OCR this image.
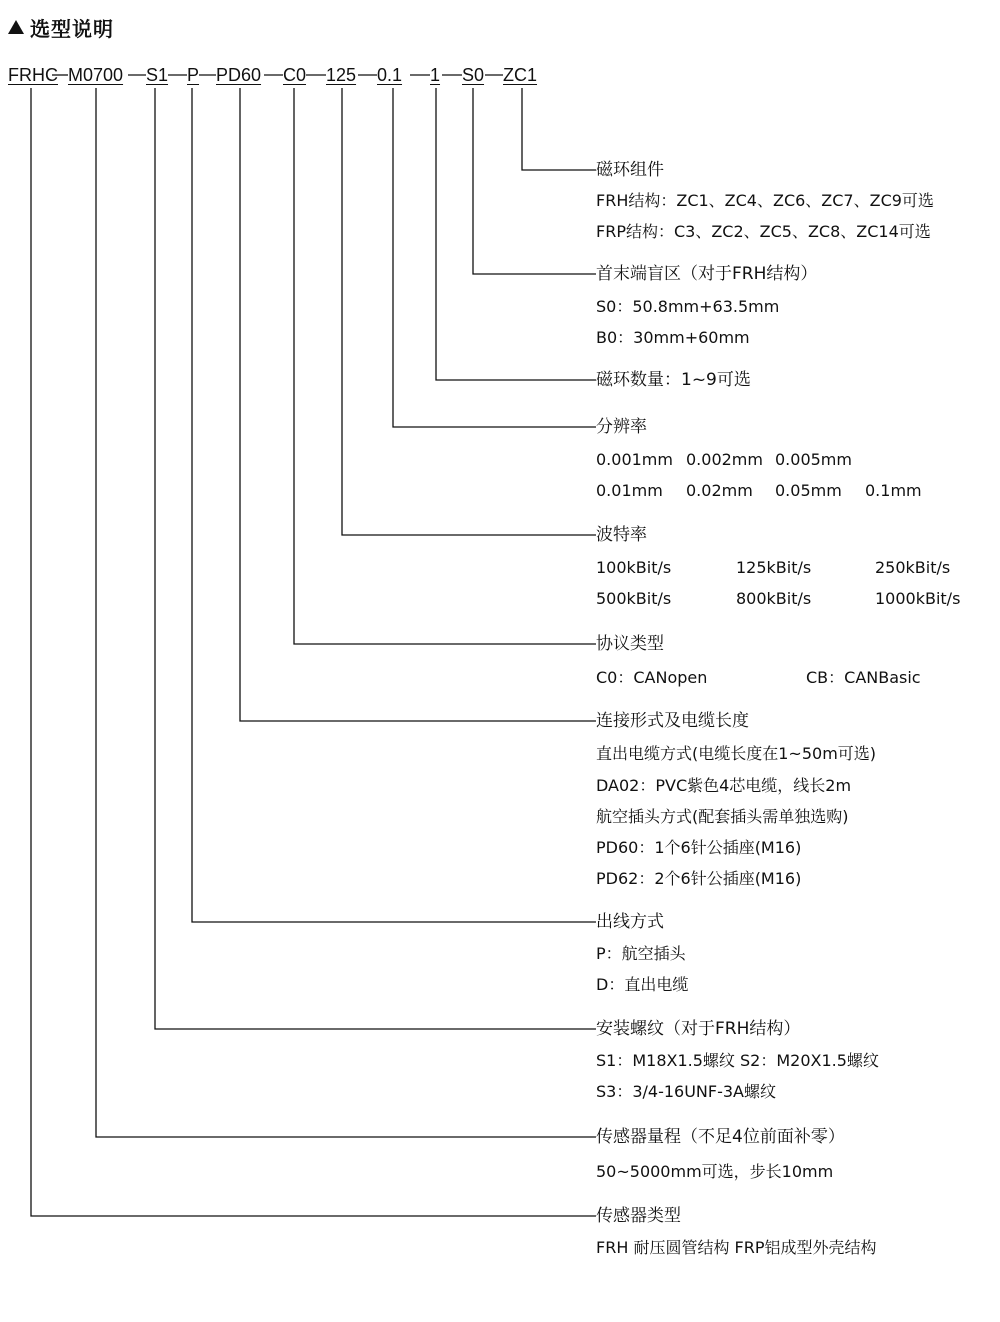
选型说明
FRHC M0700 S1 P PD60 C0 125 0.1 1 S0 ZC1
磁环组件
FRH结构：ZC1、ZC4、ZC6、ZC7、ZC9可选
FRP结构：C3、ZC2、ZC5、ZC8、ZC14可选
首末端盲区（对于FRH结构）
S0：50.8mm+63.5mm
B0：30mm+60mm
磁环数量：1~9可选
分辨率
0.001mm 0.002mm 0.005mm
0.01mm 0.02mm 0.05mm 0.1mm
波特率
100kBit/s	125kBit/s	250kBit/s
500kBit/s	800kBit/s	1000kBit/s
协议类型
C0：CANopen	CB：CANBasic
连接形式及电缆长度
直出电缆方式(电缆长度在1~50m可选)
DA02：PVC紫色4芯电缆，线长2m
航空插头方式(配套插头需单独选购)
PD60：1个6针公插座(M16)
PD62：2个6针公插座(M16)
出线方式
P：航空插头
D：直出电缆
安装螺纹（对于FRH结构）
S1：M18X1.5螺纹 S2：M20X1.5螺纹
S3：3/4-16UNF-3A螺纹
传感器量程（不足4位前面补零）
50~5000mm可选，步长10mm
传感器类型
FRH 耐压圆管结构 FRP铝成型外壳结构
